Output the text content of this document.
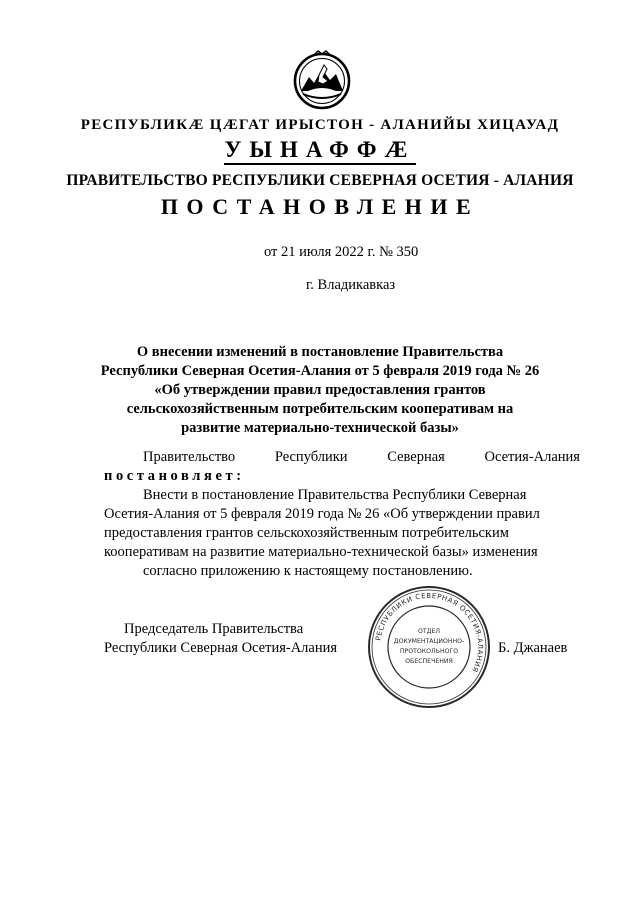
РЕСПУБЛИКÆ ЦÆГАТ ИРЫСТОН - АЛАНИЙЫ ХИЦАУАД
УЫНАФФÆ
ПРАВИТЕЛЬСТВО РЕСПУБЛИКИ СЕВЕРНАЯ ОСЕТИЯ - АЛАНИЯ
ПОСТАНОВЛЕНИЕ
от 21 июля 2022 г. № 350
г. Владикавказ
О внесении изменений в постановление Правительства
Республики Северная Осетия-Алания от 5 февраля 2019 года № 26
«Об утверждении правил предоставления грантов
сельскохозяйственным потребительским кооперативам на
развитие материально-технической базы»
Правительство	Республики	Северная	Осетия-Алания
постановляет:
Внести в постановление Правительства Республики Северная
Осетия-Алания от 5 февраля 2019 года № 26 «Об утверждении правил
предоставления грантов сельскохозяйственным потребительским
кооперативам на развитие материально-технической базы» изменения
согласно приложению к настоящему постановлению.
Председатель Правительства
Республики Северная Осетия-Алания	Б. Джанаев
РЕСПУБЛИКИ СЕВЕРНАЯ ОСЕТИЯ-АЛАНИЯ
ОТДЕЛ
ДОКУМЕНТАЦИОННО-
ПРОТОКОЛЬНОГО
ОБЕСПЕЧЕНИЯ
